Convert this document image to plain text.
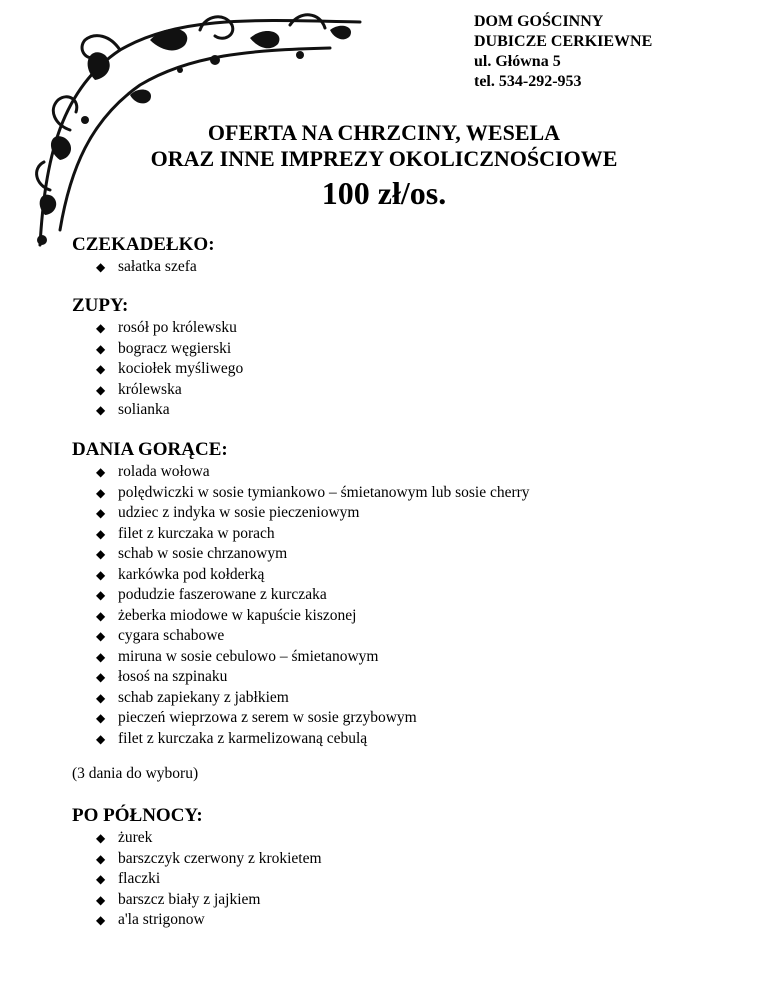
DOM GOŚCINNY
DUBICZE CERKIEWNE
ul. Główna 5
tel. 534-292-953
OFERTA NA CHRZCINY, WESELA
ORAZ INNE IMPREZY OKOLICZNOŚCIOWE
100 zł/os.
CZEKADEŁKO:
◆ sałatka szefa
ZUPY:
◆ rosół po królewsku
◆ bogracz węgierski
◆ kociołek myśliwego
◆ królewska
◆ solianka
DANIA GORĄCE:
◆ rolada wołowa
◆ polędwiczki w sosie tymiankowo – śmietanowym lub sosie cherry
◆ udziec z indyka w sosie pieczeniowym
◆ filet z kurczaka w porach
◆ schab w sosie chrzanowym
◆ karkówka pod kołderką
◆ podudzie faszerowane z kurczaka
◆ żeberka miodowe w kapuście kiszonej
◆ cygara schabowe
◆ miruna w sosie cebulowo – śmietanowym
◆ łosoś na szpinaku
◆ schab zapiekany z jabłkiem
◆ pieczeń wieprzowa z serem w sosie grzybowym
◆ filet z kurczaka z karmelizowaną cebulą
(3 dania do wyboru)
PO PÓŁNOCY:
◆ żurek
◆ barszczyk czerwony z krokietem
◆ flaczki
◆ barszcz biały z jajkiem
◆ a'la strigonow
